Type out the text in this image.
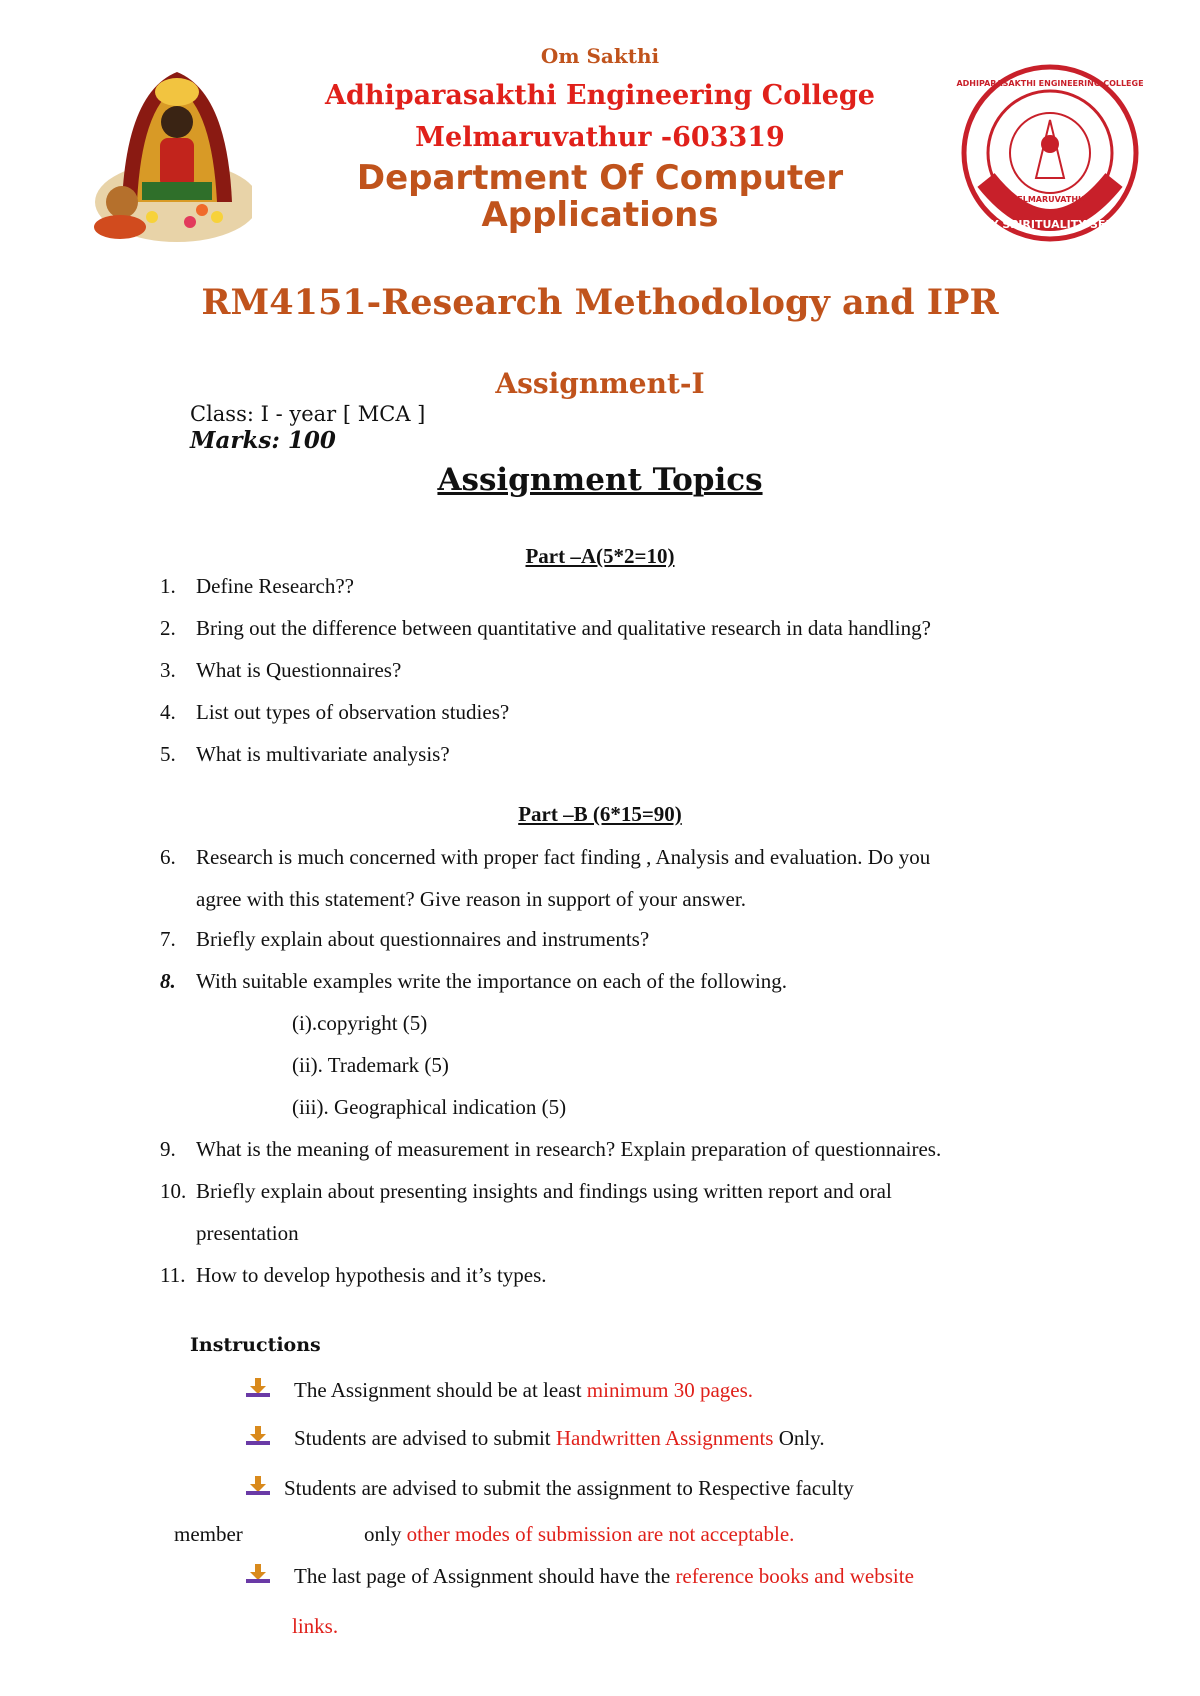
STUDY SPIRITUALITY SERVICE
ADHIPARASAKTHI ENGINEERING COLLEGE
MELMARUVATHUR
Om Sakthi
Adhiparasakthi Engineering College
Melmaruvathur -603319
Department Of Computer
Applications
RM4151-Research Methodology and IPR
Assignment-I
Class: I - year [ MCA ]
Marks: 100
Assignment Topics
Part –A(5*2=10)
1. Define Research??
2. Bring out the difference between quantitative and qualitative research in data handling?
3. What is Questionnaires?
4. List out types of observation studies?
5. What is multivariate analysis?
Part –B (6*15=90)
6. Research is much concerned with proper fact finding , Analysis and evaluation. Do you
agree with this statement? Give reason in support of your answer.
7. Briefly explain about questionnaires and instruments?
8. With suitable examples write the importance on each of the following.
(i).copyright (5)
(ii). Trademark (5)
(iii). Geographical indication (5)
9. What is the meaning of measurement in research? Explain preparation of questionnaires.
10. Briefly explain about presenting insights and findings using written report and oral
presentation
11. How to develop hypothesis and it’s types.
Instructions
The Assignment should be at least minimum 30 pages.
Students are advised to submit Handwritten Assignments Only.
Students are advised to submit the assignment to Respective faculty
member	only other modes of submission are not acceptable.
The last page of Assignment should have the reference books and website
links.
